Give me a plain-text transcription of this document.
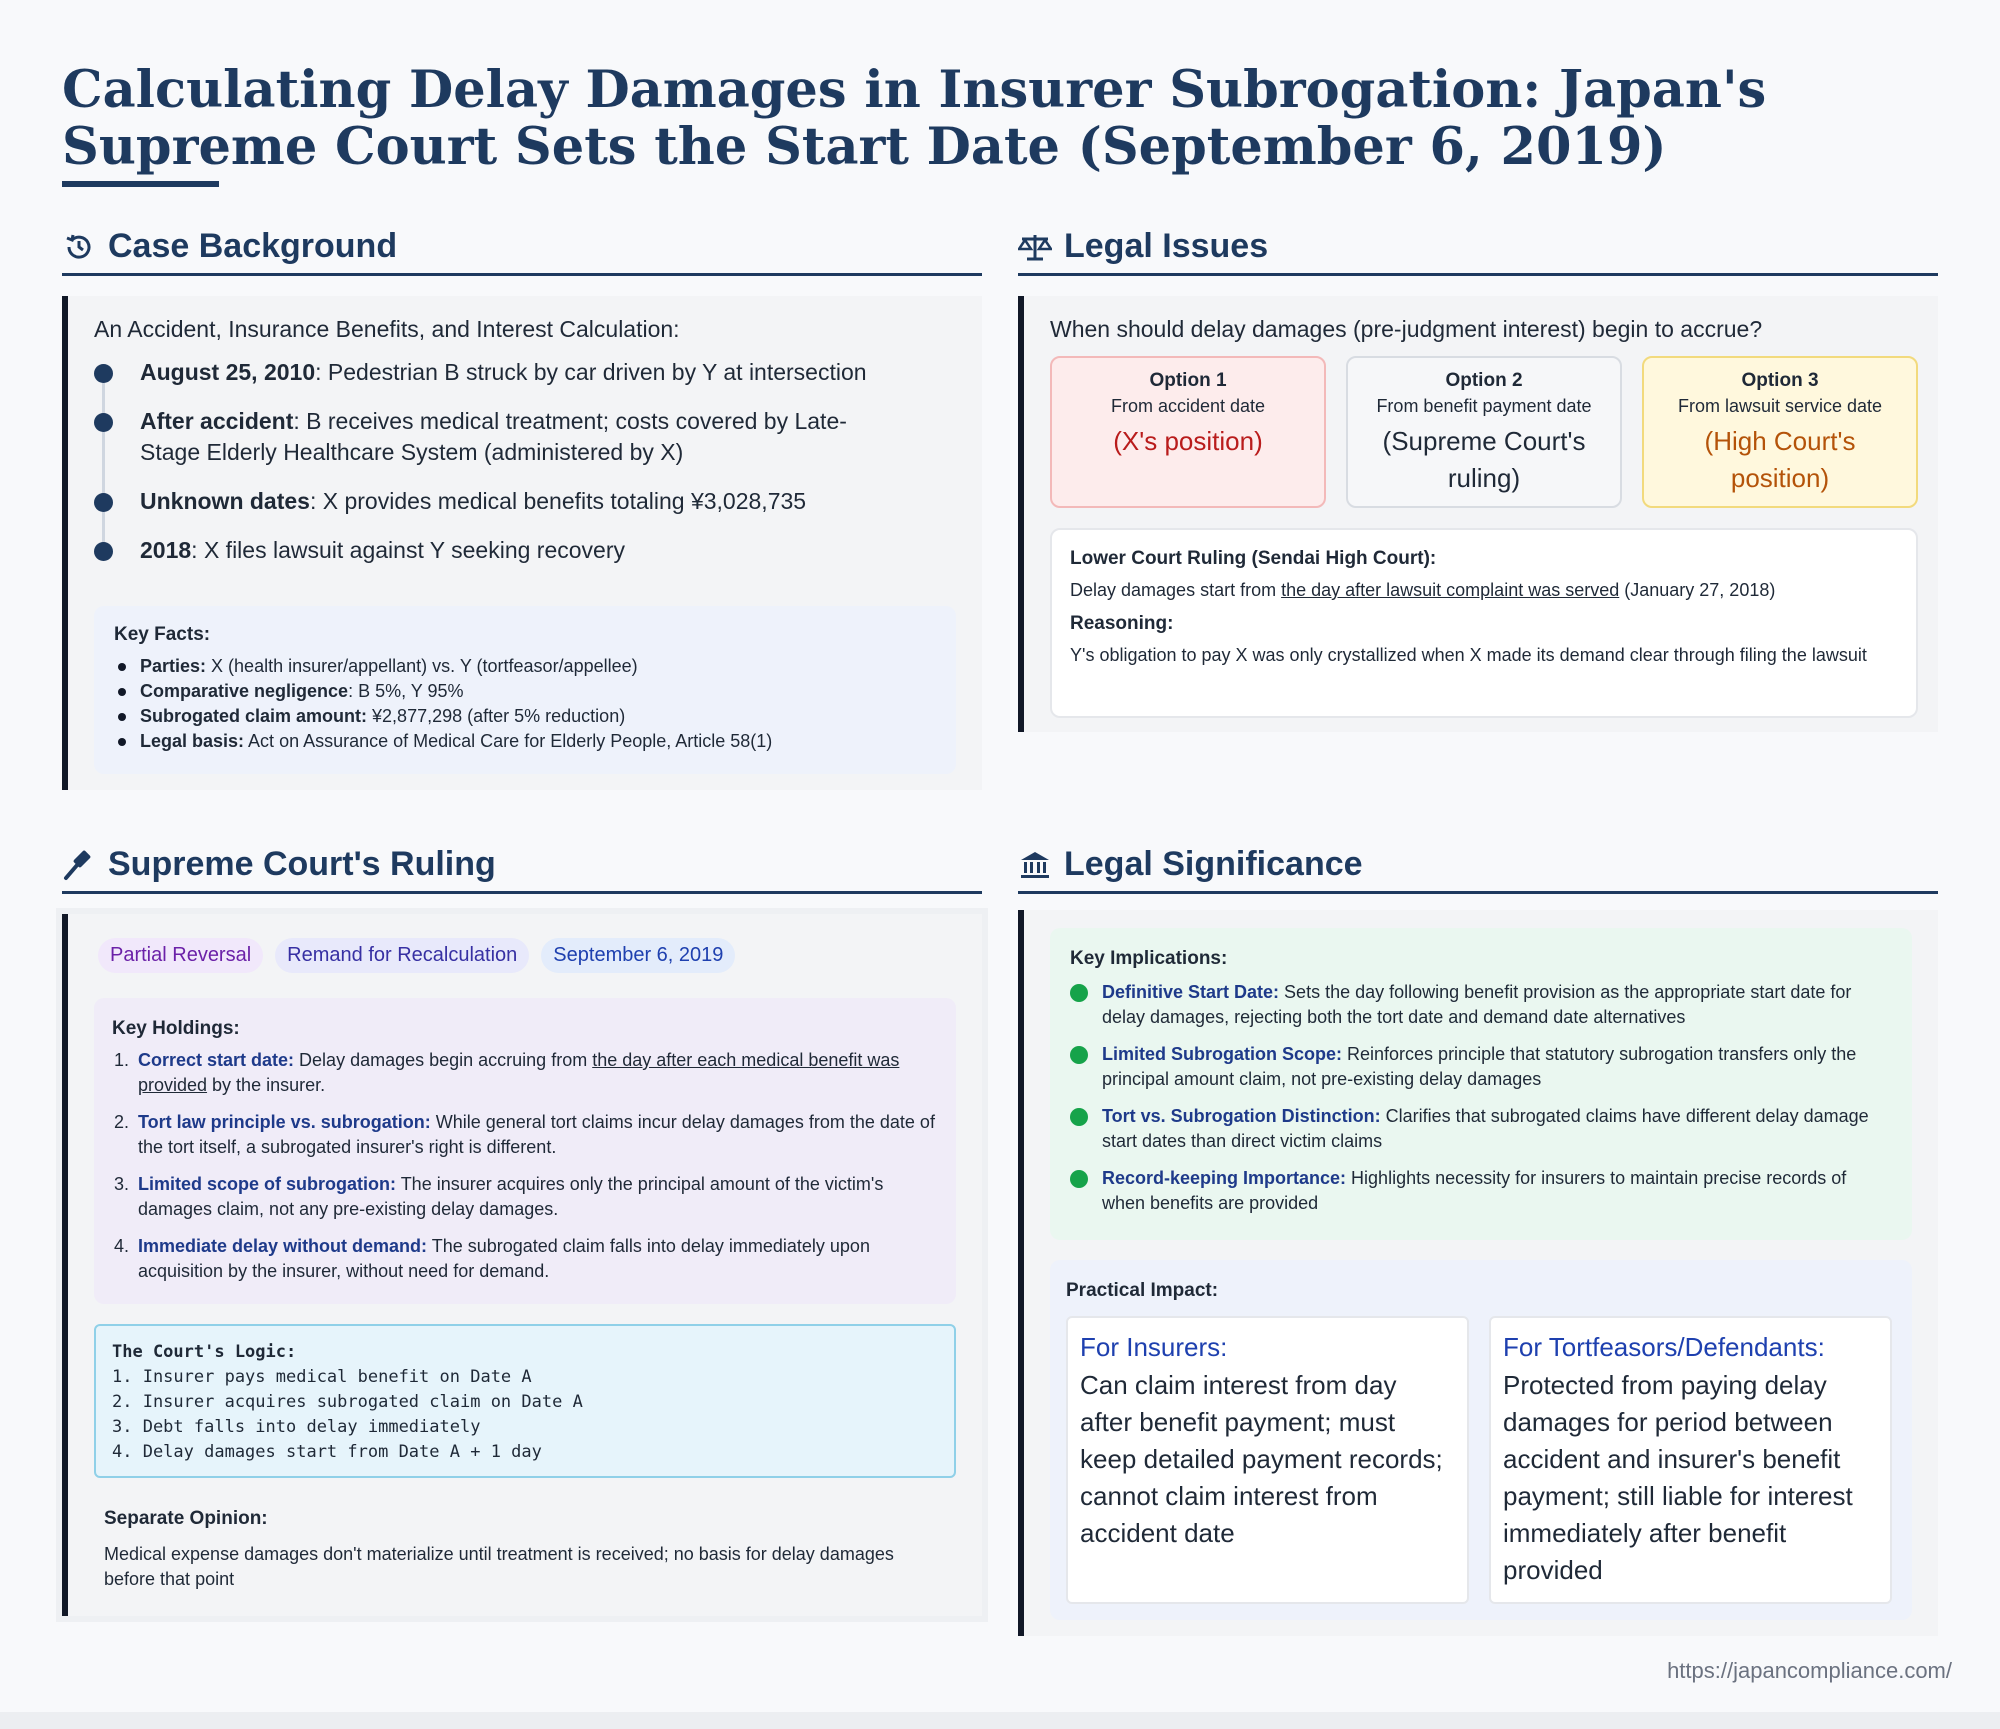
Calculating Delay Damages in Insurer Subrogation: Japan's Supreme Court Sets the Start Date (September 6, 2019)
Case Background
An Accident, Insurance Benefits, and Interest Calculation:
August 25, 2010: Pedestrian B struck by car driven by Y at intersection
After accident: B receives medical treatment; costs covered by Late-Stage Elderly Healthcare System (administered by X)
Unknown dates: X provides medical benefits totaling ¥3,028,735
2018: X files lawsuit against Y seeking recovery
Key Facts:
Parties: X (health insurer/appellant) vs. Y (tortfeasor/appellee)
Comparative negligence: B 5%, Y 95%
Subrogated claim amount: ¥2,877,298 (after 5% reduction)
Legal basis: Act on Assurance of Medical Care for Elderly People, Article 58(1)
Legal Issues
When should delay damages (pre-judgment interest) begin to accrue?
Option 1
From accident date
(X's position)
Option 2
From benefit payment date
(Supreme Court's ruling)
Option 3
From lawsuit service date
(High Court's position)
Lower Court Ruling (Sendai High Court):

Delay damages start from the day after lawsuit complaint was served (January 27, 2018)

Reasoning:

Y's obligation to pay X was only crystallized when X made its demand clear through filing the lawsuit

Supreme Court's Ruling
Partial Reversal	Remand for Recalculation	September 6, 2019
Key Holdings:
1. Correct start date: Delay damages begin accruing from the day after each medical benefit was provided by the insurer.
2. Tort law principle vs. subrogation: While general tort claims incur delay damages from the date of the tort itself, a subrogated insurer's right is different.
3. Limited scope of subrogation: The insurer acquires only the principal amount of the victim's damages claim, not any pre-existing delay damages.
4. Immediate delay without demand: The subrogated claim falls into delay immediately upon acquisition by the insurer, without need for demand.
The Court's Logic:
1. Insurer pays medical benefit on Date A
2. Insurer acquires subrogated claim on Date A
3. Debt falls into delay immediately
4. Delay damages start from Date A + 1 day
Separate Opinion:

Medical expense damages don't materialize until treatment is received; no basis for delay damages before that point

Legal Significance
Key Implications:
Definitive Start Date: Sets the day following benefit provision as the appropriate start date for delay damages, rejecting both the tort date and demand date alternatives
Limited Subrogation Scope: Reinforces principle that statutory subrogation transfers only the principal amount claim, not pre-existing delay damages
Tort vs. Subrogation Distinction: Clarifies that subrogated claims have different delay damage start dates than direct victim claims
Record-keeping Importance: Highlights necessity for insurers to maintain precise records of when benefits are provided
Practical Impact:
For Insurers:

Can claim interest from day after benefit payment; must keep detailed payment records; cannot claim interest from accident date

For Tortfeasors/Defendants:

Protected from paying delay damages for period between accident and insurer's benefit payment; still liable for interest immediately after benefit provided

https://japancompliance.com/
